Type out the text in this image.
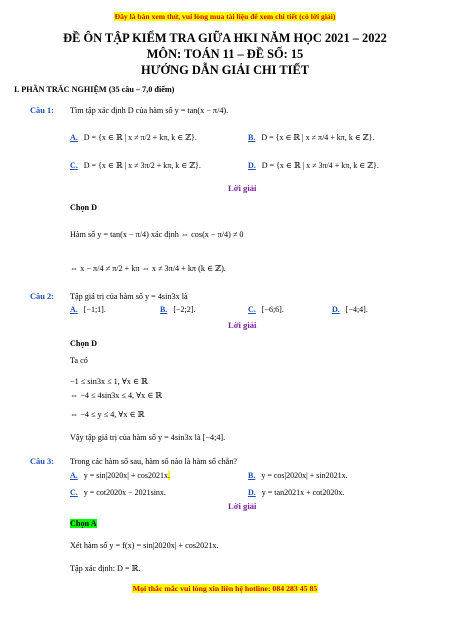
Đây là bản xem thử, vui lòng mua tài liệu để xem chi tiết (có lời giải)
ĐỀ ÔN TẬP KIỂM TRA GIỮA HKI NĂM HỌC 2021 – 2022
MÔN: TOÁN 11 – ĐỀ SỐ: 15
HƯỚNG DẪN GIẢI CHI TIẾT
I. PHẦN TRẮC NGHIỆM (35 câu – 7,0 điểm)
Câu 1: Tìm tập xác định D của hàm số y = tan(x − π/4).
A. D = {x ∈ ℝ | x ≠ π/2 + kπ, k ∈ ℤ}.	B. D = {x ∈ ℝ | x ≠ π/4 + kπ, k ∈ ℤ}.
C. D = {x ∈ ℝ | x ≠ 3π/2 + kπ, k ∈ ℤ}.	D. D = {x ∈ ℝ | x ≠ 3π/4 + kπ, k ∈ ℤ}.
Lời giải
Chọn D
Hàm số y = tan(x − π/4) xác định ⇔ cos(x − π/4) ≠ 0
⇔ x − π/4 ≠ π/2 + kπ ⇔ x ≠ 3π/4 + kπ (k ∈ ℤ).
Câu 2: Tập giá trị của hàm số y = 4sin3x là
A. [−1;1].	B. [−2;2].	C. [−6;6].	D. [−4;4].
Lời giải
Chọn D
Ta có
−1 ≤ sin3x ≤ 1, ∀x ∈ ℝ
⇔ −4 ≤ 4sin3x ≤ 4, ∀x ∈ ℝ
⇔ −4 ≤ y ≤ 4, ∀x ∈ ℝ
Vậy tập giá trị của hàm số y = 4sin3x là [−4;4].
Câu 3: Trong các hàm số sau, hàm số nào là hàm số chẵn?
A. y = sin|2020x| + cos2021x.	B. y = cos|2020x| + sin2021x.
C. y = cot2020x − 2021sinx.	D. y = tan2021x + cot2020x.
Lời giải
Chọn A
Xét hàm số y = f(x) = sin|2020x| + cos2021x.
Tập xác định: D = ℝ.
Mọi thắc mắc vui lòng xin liên hệ hotline: 084 283 45 85
